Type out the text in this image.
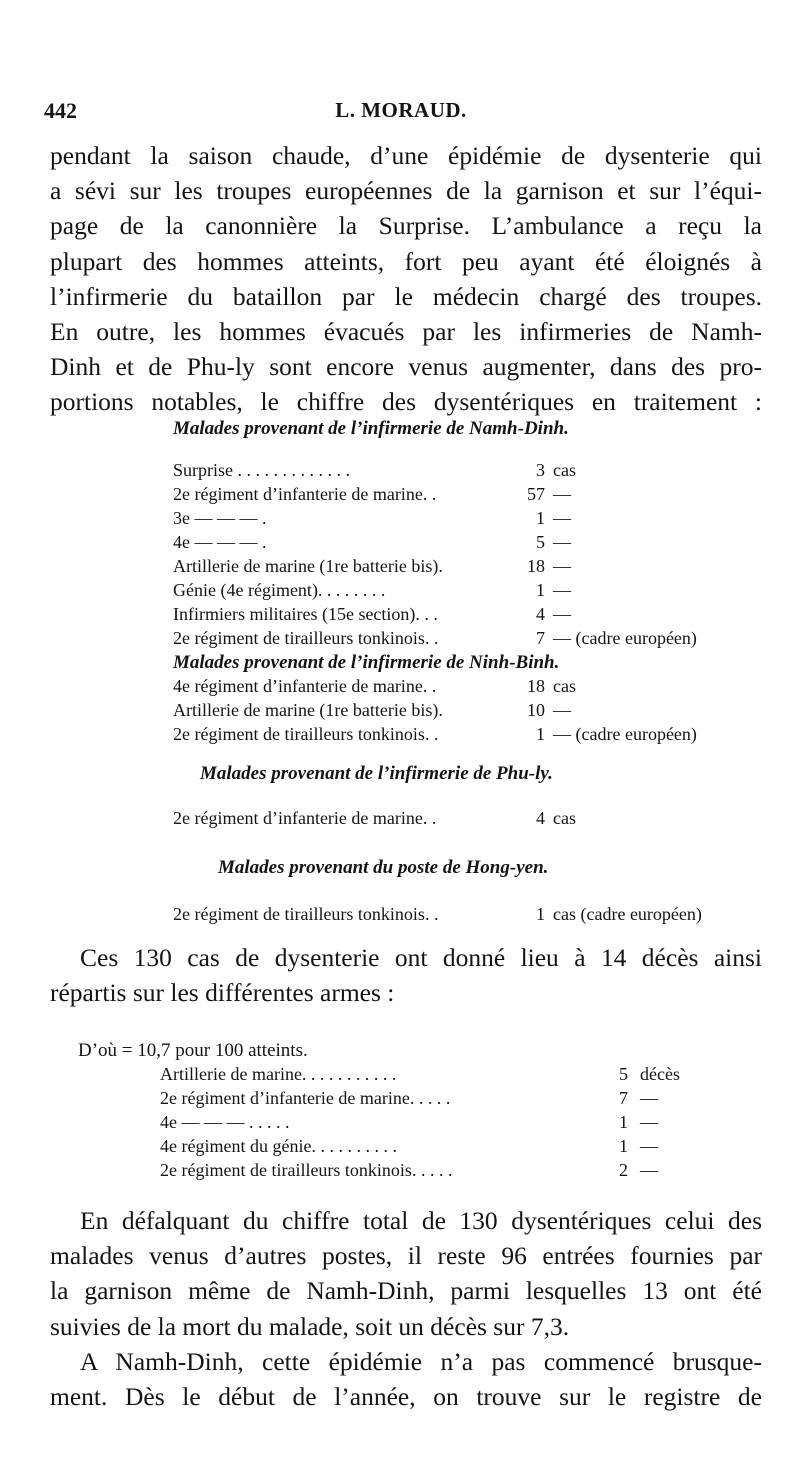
442	L. MORAUD.
pendant la saison chaude, d’une épidémie de dysenterie qui
a sévi sur les troupes européennes de la garnison et sur l’équi-
page de la canonnière la Surprise. L’ambulance a reçu la
plupart des hommes atteints, fort peu ayant été éloignés à
l’infirmerie du bataillon par le médecin chargé des troupes.
En outre, les hommes évacués par les infirmeries de Namh-
Dinh et de Phu-ly sont encore venus augmenter, dans des pro-
portions notables, le chiffre des dysentériques en traitement :
Malades provenant de l’infirmerie de Namh-Dinh.
Surprise . . . . . . . . . . . . .	3 cas
2e régiment d’infanterie de marine. .	57 —
3e — — — .	1 —
4e — — — .	5 —
Artillerie de marine (1re batterie bis).	18 —
Génie (4e régiment). . . . . . . .	1 —
Infirmiers militaires (15e section). . .	4 —
2e régiment de tirailleurs tonkinois. .	7 — (cadre européen)
Malades provenant de l’infirmerie de Ninh-Binh.
4e régiment d’infanterie de marine. .	18 cas
Artillerie de marine (1re batterie bis).	10 —
2e régiment de tirailleurs tonkinois. .	1 — (cadre européen)
Malades provenant de l’infirmerie de Phu-ly.
2e régiment d’infanterie de marine. .	4 cas
Malades provenant du poste de Hong-yen.
2e régiment de tirailleurs tonkinois. .	1 cas (cadre européen)
Ces 130 cas de dysenterie ont donné lieu à 14 décès ainsi
répartis sur les différentes armes :
D’où = 10,7 pour 100 atteints.
Artillerie de marine. . . . . . . . . . .	5 décès
2e régiment d’infanterie de marine. . . . .	7 —
4e — — — . . . . .	1 —
4e régiment du génie. . . . . . . . . .	1 —
2e régiment de tirailleurs tonkinois. . . . .	2 —
En défalquant du chiffre total de 130 dysentériques celui des
malades venus d’autres postes, il reste 96 entrées fournies par
la garnison même de Namh-Dinh, parmi lesquelles 13 ont été
suivies de la mort du malade, soit un décès sur 7,3.
A Namh-Dinh, cette épidémie n’a pas commencé brusque-
ment. Dès le début de l’année, on trouve sur le registre de
